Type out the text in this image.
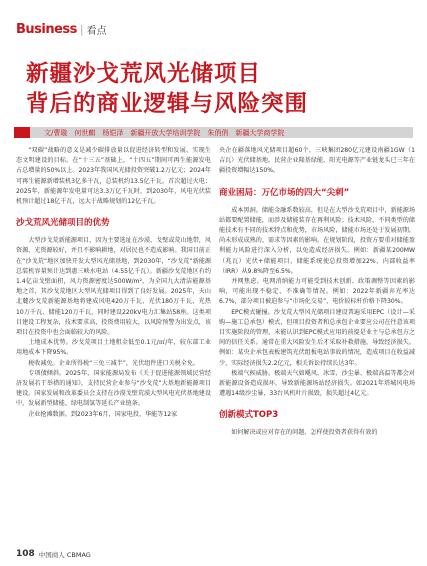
Business | 看点
新疆沙戈荒风光储项目
背后的商业逻辑与风险突围
文/曹璇　何世麒　杨铠泽　新疆开放大学培训学院　朱俏俏　新疆大学商学院

“双碳”战略的意义是减少碳排放量以促进经济转型和发展、实现生态文明建设的目标。在“十三五”基础上，“十四五”期间可再生能源发电占总增量的50%以上。2023年我国风光储投资突破1.2万亿元；2024年可再生能源新增装机3亿多千瓦，总装机约13.5亿千瓦，首次超过火电；2025年，新能源年发电量可达3.3万亿千瓦时，到2030年，风电光伏装机预计超过18亿千瓦，远大于战略规划的12亿千瓦。

沙戈荒风光储项目的优势

大型沙戈荒新能源项目，因为主要选址在沙漠、戈壁或荒山地带，风资源、光资源较好，并且不影响耕地，对居民也不造成影响。我国目前正在“沙戈荒”地区加快开发大型风光储基地，到2030年，“沙戈荒”新能源总装机容量预计达到惠三峡水电站（4.55亿千瓦）。新疆沙戈荒地区有约1.4亿亩戈壁面积，风力资源密度达500W/m²，为全国九大清洁能源基地之首，其沙戈荒地区大型风光储项目得到了良好发展。2025年，天山北麓沙戈荒新能源基地将建成风电420万千瓦、光伏180万千瓦、光热10万千瓦、储能120万千瓦，同时建设220kV电力汇集站58座。这类项目建设工程复杂，技术要求高，投资费用较大，以风险预警为出发点，该项目在投资中也会面临较大的风险。

土地成本优势。沙戈荒项目土地租金低至0.1元/㎡/年，较东部工业用地成本下降95%。

税收减免。企业所得税“三免三减半”，光伏组件进口关税全免。

专项债倾斜。2025年，国家能源局发布《关于促进能源领域民营经济发展若干举措的通知》，支持民营企业参与“沙戈荒”大基地新能源项目建设。国家发展和改革委员会支持在沙漠戈壁荒漠大型风电光伏基地建设中，发展新型储能、绿电制氢等延长产业链条。

企业抢滩数据。到2023年6月，国家电投、华能等12家

央企在疆落地风光储项目超60个，三峡集团280亿元建设南疆1GW（1吉瓦）光伏储基地。民营企业隆基绿能、阳光电源等产业链龙头已三年在疆投资增幅达150%。

商业困局：万亿市场的四大“尖刺”

成本黑洞。储能金融系数较高，但是在大型沙戈荒项目中，新能源场站都要配置储能，而涉及储能装存在再利风险；技术风险，不同类型的储能技术有不同的技术特点和优势，市场风险，储能市场还处于发展初期，尚未形成成熟的、需求等因素的影响。在规划阶段，投资方要重对储能盈利能力风险进行深入分析，以免造成经济损失。例如：新疆某200MW（兆瓦）光伏+储能项目，储能系统使总投资增加22%，内部收益率（IRR）从9.8%降至6.5%。

并网焦虑。电网消纳能力可能受到技术创新、政策调整等因素的影响，可能出现不稳定、不准确等情况。例如：2022年新疆弃光率达6.7%，部分项目被迫参与“市场化交易”，电价较标杆价格下降30%。

EPC模式碰撞。沙戈荒大型风光储项目建设普遍采用EPC（设计—采购—施工总承包）模式，但项目投资者和总承包企业要应公司在往意该项目实施阶段的管理，未能认识到EPC模式应用的前提是业主与总承包方之间的信任关系。通常在重大风险发生后才采取补救措施，导致经济损失。例如：某央企承包表板建筑光伏组板电站事故的情况，造成项目在收益减少，实际经济损失2.2亿元，相关诉讼持续长达3年。

极端气候威胁。极端天气如飓风、冰雪、沙尘暴、极端高温等都会对新能源设备造成损坏，导致新能源场站经济损失。如2021年塔城风电场遭遇14级沙尘暴，33台风机叶片损毁，损失超过4亿元。

创新模式TOP3

如何解决或应对存在的问题，怎样使投资者获得有效的

108 中国商人 CBMAG
